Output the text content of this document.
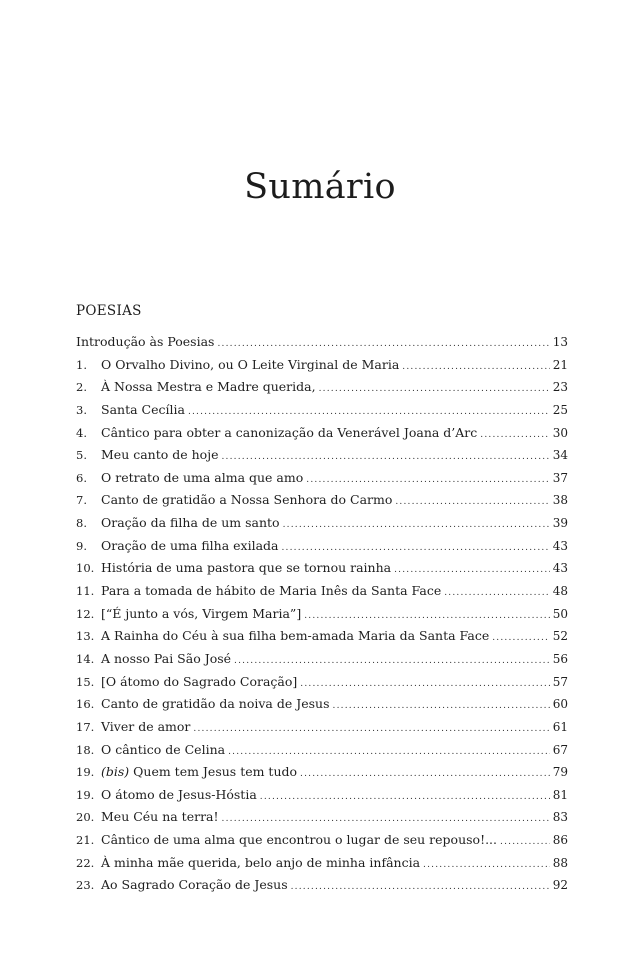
Sumário
POESIAS
Introdução às Poesias .....	13
1.	O Orvalho Divino, ou O Leite Virginal de Maria .....	21
2.	À Nossa Mestra e Madre querida, .....	23
3.	Santa Cecília .....	25
4.	Cântico para obter a canonização da Venerável Joana d’Arc .....	30
5.	Meu canto de hoje .....	34
6.	O retrato de uma alma que amo .....	37
7.	Canto de gratidão a Nossa Senhora do Carmo .....	38
8.	Oração da filha de um santo .....	39
9.	Oração de uma filha exilada .....	43
10. História de uma pastora que se tornou rainha .....	43
11. Para a tomada de hábito de Maria Inês da Santa Face .....	48
12. [“É junto a vós, Virgem Maria”] .....	50
13. A Rainha do Céu à sua filha bem-amada Maria da Santa Face .....	52
14. A nosso Pai São José .....	56
15. [O átomo do Sagrado Coração] .....	57
16. Canto de gratidão da noiva de Jesus .....	60
17. Viver de amor .....	61
18. O cântico de Celina .....	67
19. (bis) Quem tem Jesus tem tudo .....	79
19. O átomo de Jesus-Hóstia .....	81
20. Meu Céu na terra! .....	83
21. Cântico de uma alma que encontrou o lugar de seu repouso!... .....	86
22. À minha mãe querida, belo anjo de minha infância .....	88
23. Ao Sagrado Coração de Jesus .....	92
